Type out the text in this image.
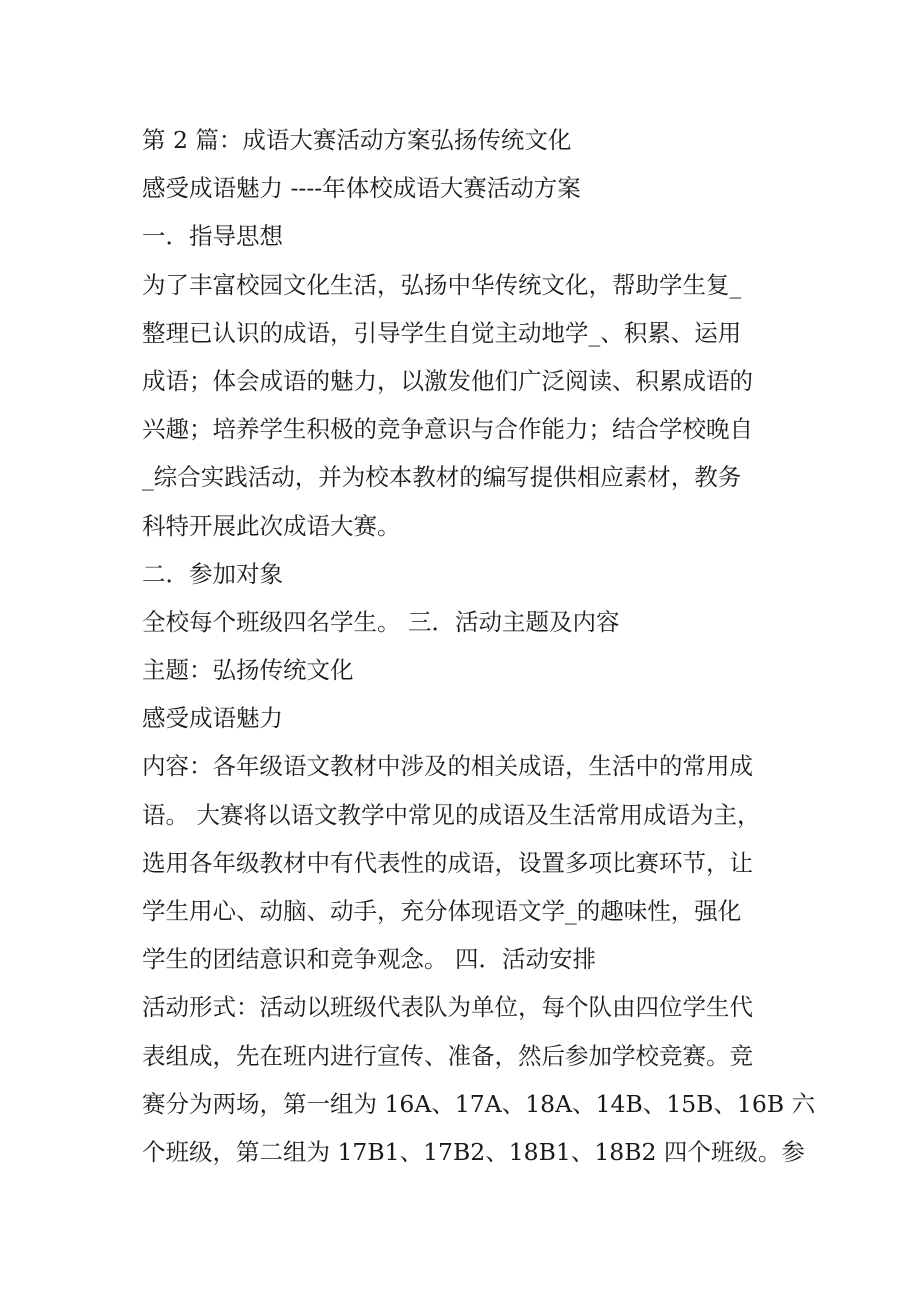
第 2 篇：成语大赛活动方案弘扬传统文化

感受成语魅力 ----年体校成语大赛活动方案

一．指导思想

为了丰富校园文化生活，弘扬中华传统文化，帮助学生复_

整理已认识的成语，引导学生自觉主动地学_、积累、运用

成语；体会成语的魅力，以激发他们广泛阅读、积累成语的

兴趣；培养学生积极的竞争意识与合作能力；结合学校晚自

_综合实践活动，并为校本教材的编写提供相应素材，教务

科特开展此次成语大赛。

二．参加对象

全校每个班级四名学生。 三．活动主题及内容

主题：弘扬传统文化

感受成语魅力

内容：各年级语文教材中涉及的相关成语，生活中的常用成

语。 大赛将以语文教学中常见的成语及生活常用成语为主，

选用各年级教材中有代表性的成语，设置多项比赛环节，让

学生用心、动脑、动手，充分体现语文学_的趣味性，强化

学生的团结意识和竞争观念。 四．活动安排

活动形式：活动以班级代表队为单位，每个队由四位学生代

表组成，先在班内进行宣传、准备，然后参加学校竞赛。竞

赛分为两场，第一组为 16A、17A、18A、14B、15B、16B 六

个班级，第二组为 17B1、17B2、18B1、18B2 四个班级。参
